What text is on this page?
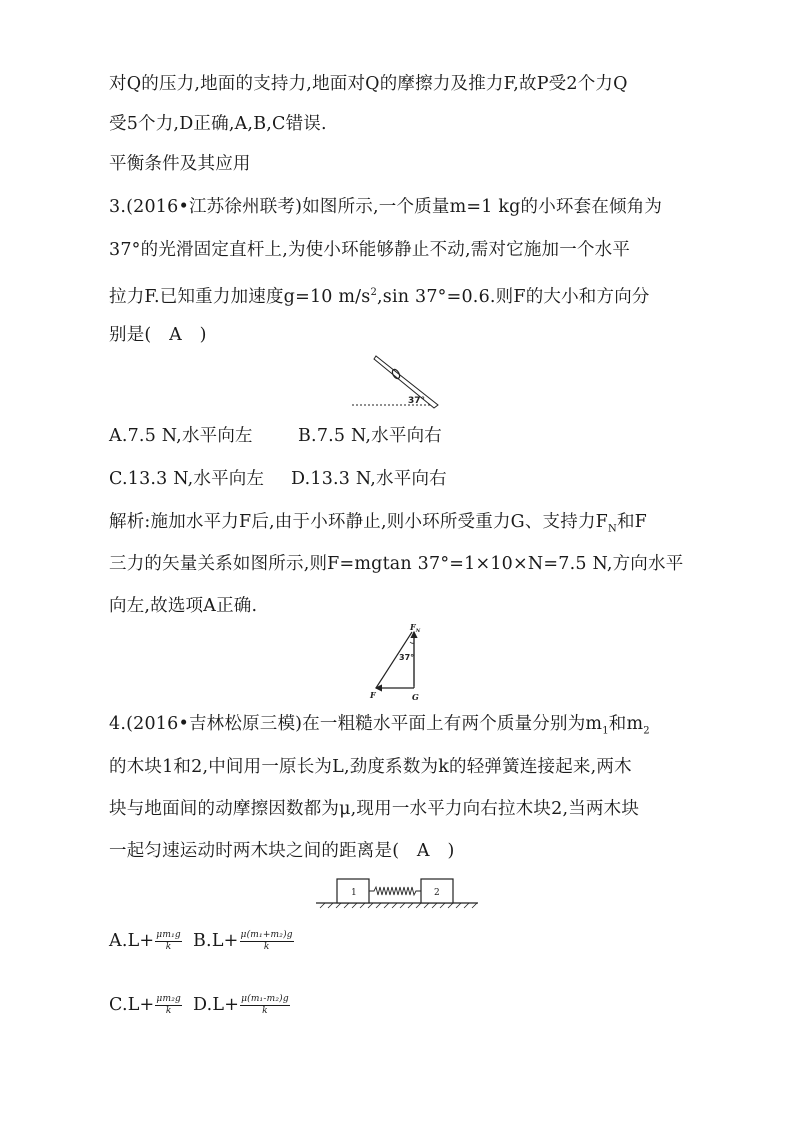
对Q的压力,地面的支持力,地面对Q的摩擦力及推力F,故P受2个力Q
受5个力,D正确,A,B,C错误.
平衡条件及其应用
3.(2016•江苏徐州联考)如图所示,一个质量m=1 kg的小环套在倾角为
37°的光滑固定直杆上,为使小环能够静止不动,需对它施加一个水平
拉力F.已知重力加速度g=10 $m/s^2,\sin$ 37°=0.6.则F的大小和方向分
别是(　A　)
37°
A.7.5 N,水平向左	B.7.5 N,水平向右
C.13.3 N,水平向左 D.13.3 N,水平向右
解析:施加水平力F后,由于小环静止,则小环所受重力G、支持力$F_N$和F
三力的矢量关系如图所示,则F=mgtan 37°=1×10×N=7.5 N,方向水平
向左,故选项A正确.
$F_N$
37°
F	G
4.(2016•吉林松原三模)在一粗糙水平面上有两个质量分别为$m_1$和$m_2$
的木块1和2,中间用一原长为L,劲度系数为k的轻弹簧连接起来,两木
块与地面间的动摩擦因数都为μ,现用一水平力向右拉木块2,当两木块
一起匀速运动时两木块之间的距离是(　A　)
1	2
$A.L+ \frac{\text{μm₁g}}{k} B.L+ \frac{\text{μ(m₁+m₂)g}}{k}$
$C.L+ \frac{\text{μm₂g}}{k} D.L+ \frac{\text{μ(m₁-m₂)g}}{k}$
